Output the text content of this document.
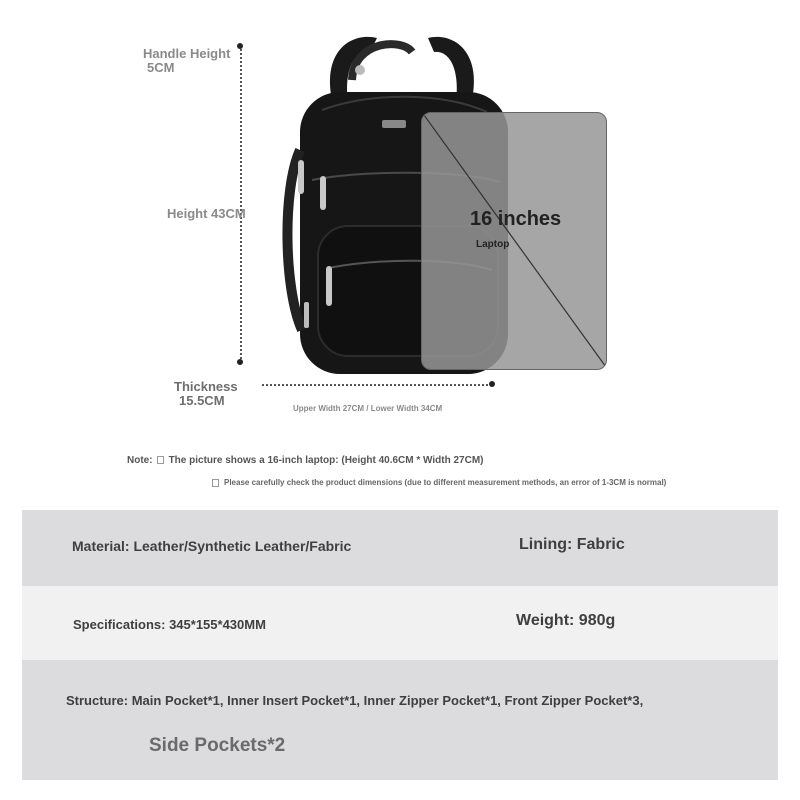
Handle Height
5CM
Height 43CM
Thickness
15.5CM
Upper Width 27CM / Lower Width 34CM
16 inches
Laptop
Note: The picture shows a 16-inch laptop: (Height 40.6CM * Width 27CM)
Please carefully check the product dimensions (due to different measurement methods, an error of 1-3CM is normal)
Material: Leather/Synthetic Leather/Fabric	Lining: Fabric
Specifications: 345*155*430MM	Weight: 980g
Structure: Main Pocket*1, Inner Insert Pocket*1, Inner Zipper Pocket*1, Front Zipper Pocket*3,
Side Pockets*2
